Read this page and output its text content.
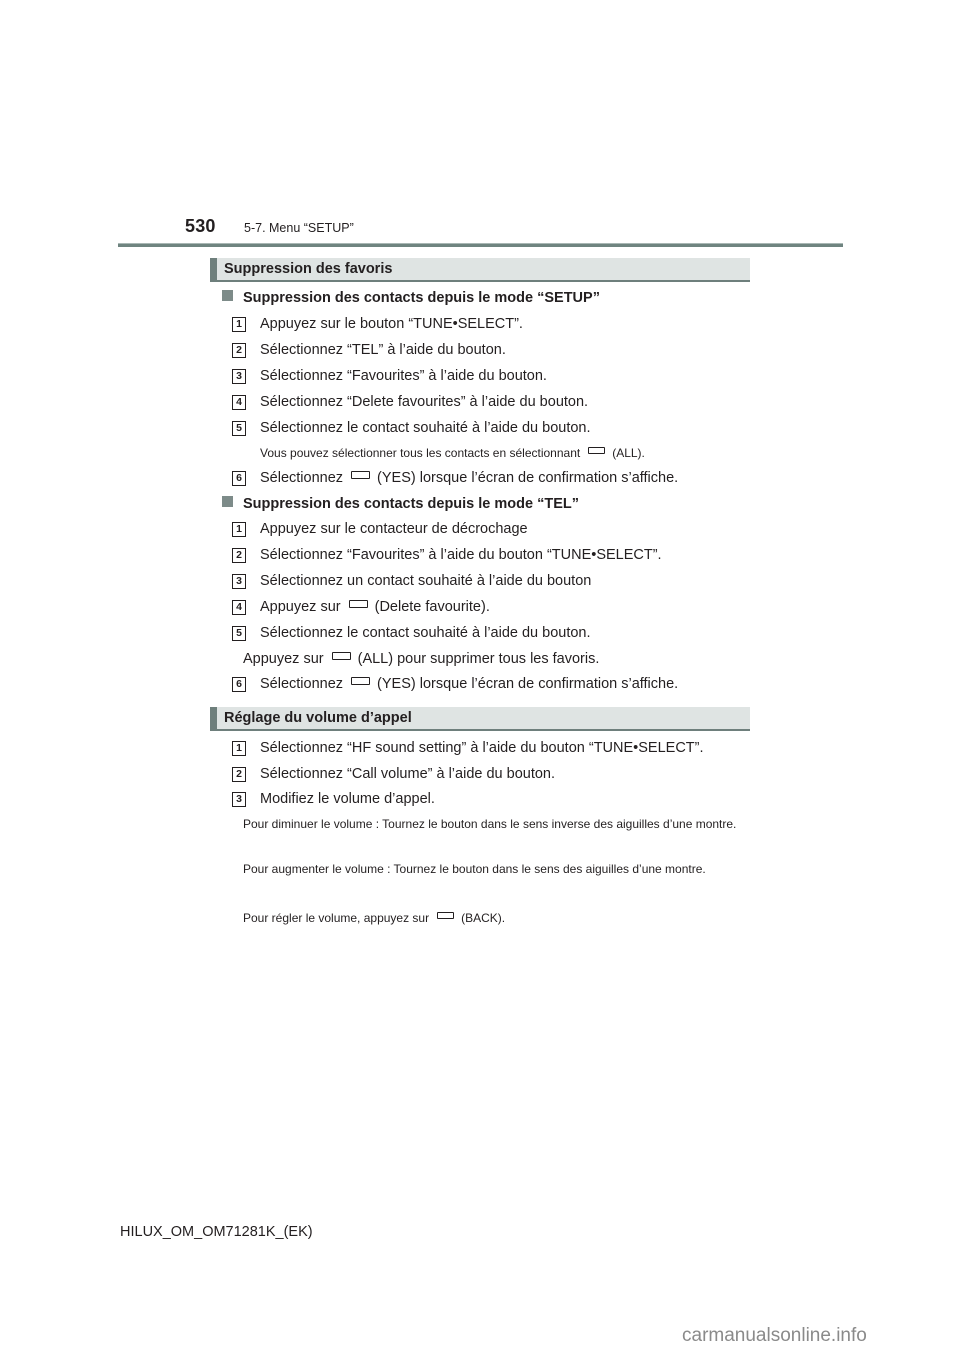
530 5-7. Menu “SETUP”
Suppression des favoris
Suppression des contacts depuis le mode “SETUP”
1 Appuyez sur le bouton “TUNE•SELECT”.
2 Sélectionnez “TEL” à l’aide du bouton.
3 Sélectionnez “Favourites” à l’aide du bouton.
4 Sélectionnez “Delete favourites” à l’aide du bouton.
5 Sélectionnez le contact souhaité à l’aide du bouton.
Vous pouvez sélectionner tous les contacts en sélectionnant	(ALL).
6 Sélectionnez (YES) lorsque l’écran de confirmation s’affiche.
Suppression des contacts depuis le mode “TEL”
1 Appuyez sur le contacteur de décrochage
2 Sélectionnez “Favourites” à l’aide du bouton “TUNE•SELECT”.
3 Sélectionnez un contact souhaité à l’aide du bouton
4 Appuyez sur (Delete favourite).
5 Sélectionnez le contact souhaité à l’aide du bouton.
Appuyez sur (ALL) pour supprimer tous les favoris.
6 Sélectionnez (YES) lorsque l’écran de confirmation s’affiche.
Réglage du volume d’appel
1 Sélectionnez “HF sound setting” à l’aide du bouton “TUNE•SELECT”.
2 Sélectionnez “Call volume” à l’aide du bouton.
3 Modifiez le volume d’appel.
Pour diminuer le volume : Tournez le bouton dans le sens inverse des aiguilles d’une montre.
Pour augmenter le volume : Tournez le bouton dans le sens des aiguilles d’une montre.
Pour régler le volume, appuyez sur	(BACK).
HILUX_OM_OM71281K_(EK)
carmanualsonline.info
